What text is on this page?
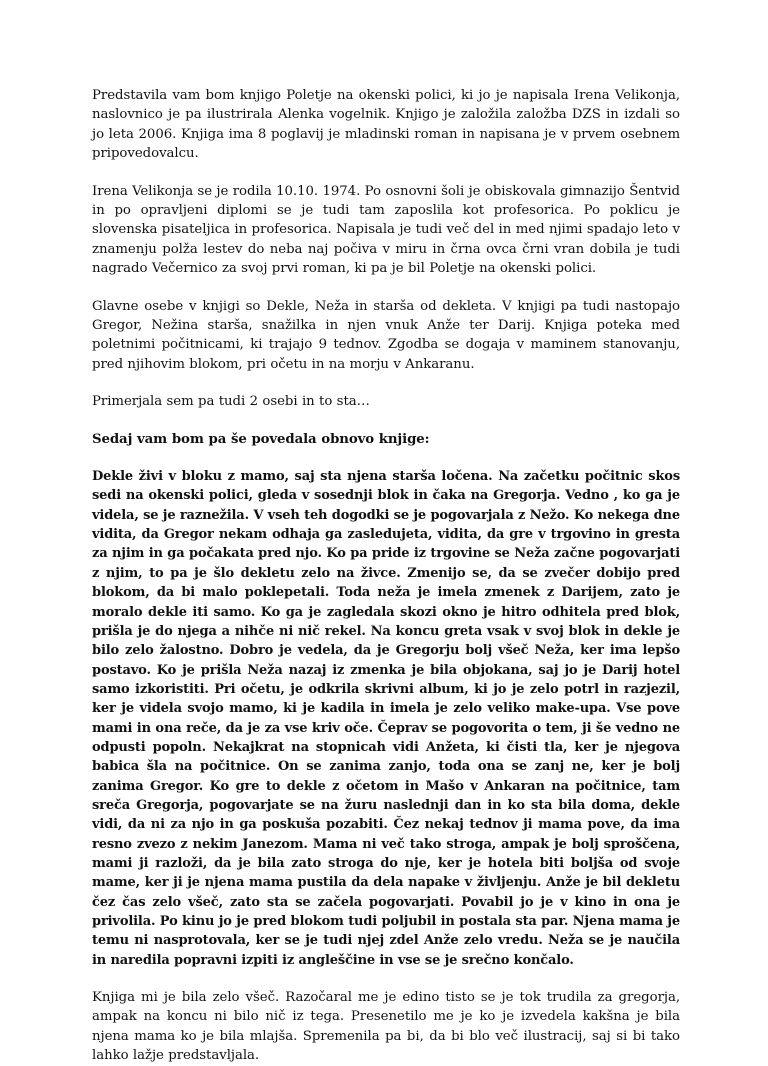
Predstavila vam bom knjigo Poletje na okenski polici, ki jo je napisala Irena Velikonja, naslovnico je pa ilustrirala Alenka vogelnik. Knjigo je založila založba DZS in izdali so jo leta 2006. Knjiga ima 8 poglavij je mladinski roman in napisana je v prvem osebnem pripovedovalcu.

Irena Velikonja se je rodila 10.10. 1974. Po osnovni šoli je obiskovala gimnazijo Šentvid in po opravljeni diplomi se je tudi tam zaposlila kot profesorica. Po poklicu je slovenska pisateljica in profesorica. Napisala je tudi več del in med njimi spadajo leto v znamenju polža lestev do neba naj počiva v miru in črna ovca črni vran dobila je tudi nagrado Večernico za svoj prvi roman, ki pa je bil Poletje na okenski polici.

Glavne osebe v knjigi so Dekle, Neža in starša od dekleta. V knjigi pa tudi nastopajo Gregor, Nežina starša, snažilka in njen vnuk Anže ter Darij. Knjiga poteka med poletnimi počitnicami, ki trajajo 9 tednov. Zgodba se dogaja v maminem stanovanju, pred njihovim blokom, pri očetu in na morju v Ankaranu.

Primerjala sem pa tudi 2 osebi in to sta…

Sedaj vam bom pa še povedala obnovo knjige:

Dekle živi v bloku z mamo, saj sta njena starša ločena. Na začetku počitnic skos sedi na okenski polici, gleda v sosednji blok in čaka na Gregorja. Vedno , ko ga je videla, se je raznežila. V vseh teh dogodki se je pogovarjala z Nežo. Ko nekega dne vidita, da Gregor nekam odhaja ga zasledujeta, vidita, da gre v trgovino in gresta za njim in ga počakata pred njo. Ko pa pride iz trgovine se Neža začne pogovarjati z njim, to pa je šlo dekletu zelo na živce. Zmenijo se, da se zvečer dobijo pred blokom, da bi malo poklepetali. Toda neža je imela zmenek z Darijem, zato je moralo dekle iti samo. Ko ga je zagledala skozi okno je hitro odhitela pred blok, prišla je do njega a nihče ni nič rekel. Na koncu greta vsak v svoj blok in dekle je bilo zelo žalostno. Dobro je vedela, da je Gregorju bolj všeč Neža, ker ima lepšo postavo. Ko je prišla Neža nazaj iz zmenka je bila objokana, saj jo je Darij hotel samo izkoristiti. Pri očetu, je odkrila skrivni album, ki jo je zelo potrl in razjezil, ker je videla svojo mamo, ki je kadila in imela je zelo veliko make-upa. Vse pove mami in ona reče, da je za vse kriv oče. Čeprav se pogovorita o tem, ji še vedno ne odpusti popoln. Nekajkrat na stopnicah vidi Anžeta, ki čisti tla, ker je njegova babica šla na počitnice. On se zanima zanjo, toda ona se zanj ne, ker je bolj zanima Gregor. Ko gre to dekle z očetom in Mašo v Ankaran na počitnice, tam sreča Gregorja, pogovarjate se na žuru naslednji dan in ko sta bila doma, dekle vidi, da ni za njo in ga poskuša pozabiti. Čez nekaj tednov ji mama pove, da ima resno zvezo z nekim Janezom. Mama ni več tako stroga, ampak je bolj sproščena, mami ji razloži, da je bila zato stroga do nje, ker je hotela biti boljša od svoje mame, ker ji je njena mama pustila da dela napake v življenju. Anže je bil dekletu čez čas zelo všeč, zato sta se začela pogovarjati. Povabil jo je v kino in ona je privolila. Po kinu jo je pred blokom tudi poljubil in postala sta par. Njena mama je temu ni nasprotovala, ker se je tudi njej zdel Anže zelo vredu. Neža se je naučila in naredila popravni izpiti iz angleščine in vse se je srečno končalo.

Knjiga mi je bila zelo všeč. Razočaral me je edino tisto se je tok trudila za gregorja, ampak na koncu ni bilo nič iz tega. Presenetilo me je ko je izvedela kakšna je bila njena mama ko je bila mlajša. Spremenila pa bi, da bi blo več ilustracij, saj si bi tako lahko lažje predstavljala.
